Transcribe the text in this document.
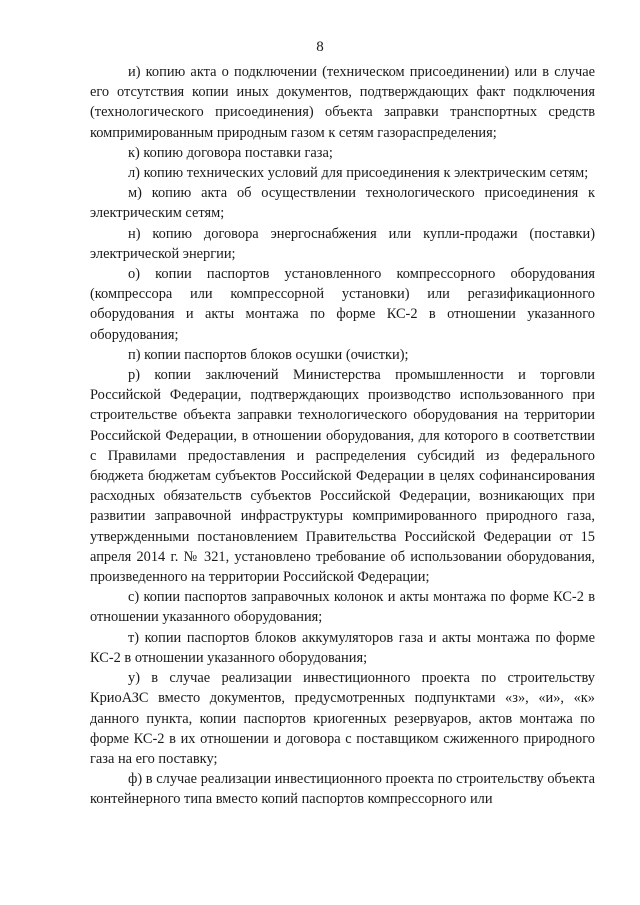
8

и) копию акта о подключении (техническом присоединении) или в случае его отсутствия копии иных документов, подтверждающих факт подключения (технологического присоединения) объекта заправки транспортных средств компримированным природным газом к сетям газораспределения;

к) копию договора поставки газа;

л) копию технических условий для присоединения к электрическим сетям;

м) копию акта об осуществлении технологического присоединения к электрическим сетям;

н) копию договора энергоснабжения или купли-продажи (поставки) электрической энергии;

о) копии паспортов установленного компрессорного оборудования (компрессора или компрессорной установки) или регазификационного оборудования и акты монтажа по форме КС-2 в отношении указанного оборудования;

п) копии паспортов блоков осушки (очистки);

р) копии заключений Министерства промышленности и торговли Российской Федерации, подтверждающих производство использованного при строительстве объекта заправки технологического оборудования на территории Российской Федерации, в отношении оборудования, для которого в соответствии с Правилами предоставления и распределения субсидий из федерального бюджета бюджетам субъектов Российской Федерации в целях софинансирования расходных обязательств субъектов Российской Федерации, возникающих при развитии заправочной инфраструктуры компримированного природного газа, утвержденными постановлением Правительства Российской Федерации от 15 апреля 2014 г. № 321, установлено требование об использовании оборудования, произведенного на территории Российской Федерации;

с) копии паспортов заправочных колонок и акты монтажа по форме КС-2 в отношении указанного оборудования;

т) копии паспортов блоков аккумуляторов газа и акты монтажа по форме КС-2 в отношении указанного оборудования;

у) в случае реализации инвестиционного проекта по строительству КриоАЗС вместо документов, предусмотренных подпунктами «з», «и», «к» данного пункта, копии паспортов криогенных резервуаров, актов монтажа по форме КС-2 в их отношении и договора с поставщиком сжиженного природного газа на его поставку;

ф) в случае реализации инвестиционного проекта по строительству объекта контейнерного типа вместо копий паспортов компрессорного или
